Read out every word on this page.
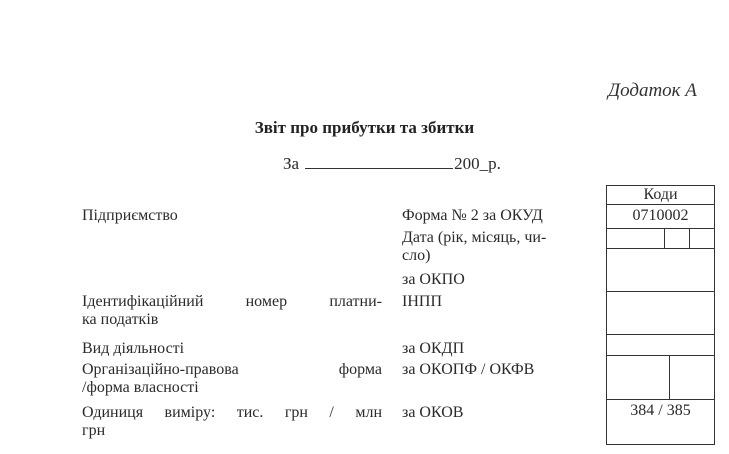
Додаток А
Звіт про прибутки та збитки
За	200_р.
Підприємство
Ідентифікаційний номер платни-
ка податків
Вид діяльності
Організаційно-правова	форма
/форма власності
Одиниця виміру: тис. грн / млн
грн
Форма № 2 за ОКУД
Дата (рік, місяць, чи-
сло)
за ОКПО
ІНПП
за ОКДП
за ОКОПФ / ОКФВ
за ОКОВ
Коди
0710002
384 / 385
